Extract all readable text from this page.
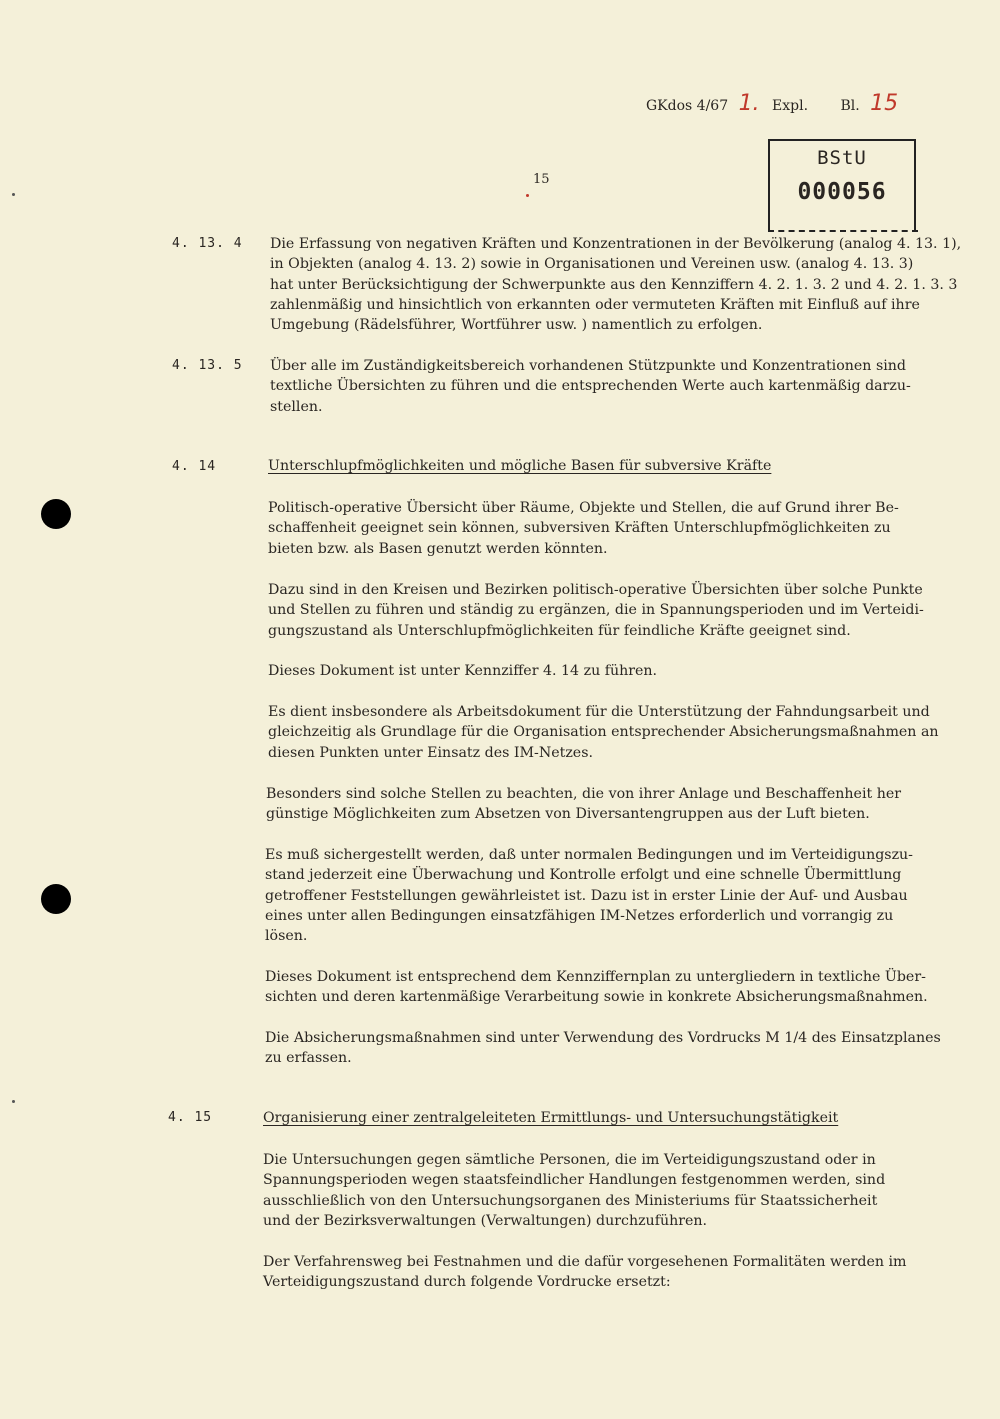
GKdos 4/67 1. Expl. Bl. 15
15
BStU
000056
4. 13. 4 Die Erfassung von negativen Kräften und Konzentrationen in der Bevölkerung (analog 4. 13. 1),
in Objekten (analog 4. 13. 2) sowie in Organisationen und Vereinen usw. (analog 4. 13. 3)
hat unter Berücksichtigung der Schwerpunkte aus den Kennziffern 4. 2. 1. 3. 2 und 4. 2. 1. 3. 3
zahlenmäßig und hinsichtlich von erkannten oder vermuteten Kräften mit Einfluß auf ihre
Umgebung (Rädelsführer, Wortführer usw. ) namentlich zu erfolgen.
4. 13. 5 Über alle im Zuständigkeitsbereich vorhandenen Stützpunkte und Konzentrationen sind
textliche Übersichten zu führen und die entsprechenden Werte auch kartenmäßig darzu-
stellen.
4. 14	Unterschlupfmöglichkeiten und mögliche Basen für subversive Kräfte
Politisch-operative Übersicht über Räume, Objekte und Stellen, die auf Grund ihrer Be-
schaffenheit geeignet sein können, subversiven Kräften Unterschlupfmöglichkeiten zu
bieten bzw. als Basen genutzt werden könnten.
Dazu sind in den Kreisen und Bezirken politisch-operative Übersichten über solche Punkte
und Stellen zu führen und ständig zu ergänzen, die in Spannungsperioden und im Verteidi-
gungszustand als Unterschlupfmöglichkeiten für feindliche Kräfte geeignet sind.
Dieses Dokument ist unter Kennziffer 4. 14 zu führen.
Es dient insbesondere als Arbeitsdokument für die Unterstützung der Fahndungsarbeit und
gleichzeitig als Grundlage für die Organisation entsprechender Absicherungsmaßnahmen an
diesen Punkten unter Einsatz des IM-Netzes.
Besonders sind solche Stellen zu beachten, die von ihrer Anlage und Beschaffenheit her
günstige Möglichkeiten zum Absetzen von Diversantengruppen aus der Luft bieten.
Es muß sichergestellt werden, daß unter normalen Bedingungen und im Verteidigungszu-
stand jederzeit eine Überwachung und Kontrolle erfolgt und eine schnelle Übermittlung
getroffener Feststellungen gewährleistet ist. Dazu ist in erster Linie der Auf- und Ausbau
eines unter allen Bedingungen einsatzfähigen IM-Netzes erforderlich und vorrangig zu
lösen.
Dieses Dokument ist entsprechend dem Kennziffernplan zu untergliedern in textliche Über-
sichten und deren kartenmäßige Verarbeitung sowie in konkrete Absicherungsmaßnahmen.
Die Absicherungsmaßnahmen sind unter Verwendung des Vordrucks M 1/4 des Einsatzplanes
zu erfassen.
4. 15	Organisierung einer zentralgeleiteten Ermittlungs- und Untersuchungstätigkeit
Die Untersuchungen gegen sämtliche Personen, die im Verteidigungszustand oder in
Spannungsperioden wegen staatsfeindlicher Handlungen festgenommen werden, sind
ausschließlich von den Untersuchungsorganen des Ministeriums für Staatssicherheit
und der Bezirksverwaltungen (Verwaltungen) durchzuführen.
Der Verfahrensweg bei Festnahmen und die dafür vorgesehenen Formalitäten werden im
Verteidigungszustand durch folgende Vordrucke ersetzt:
